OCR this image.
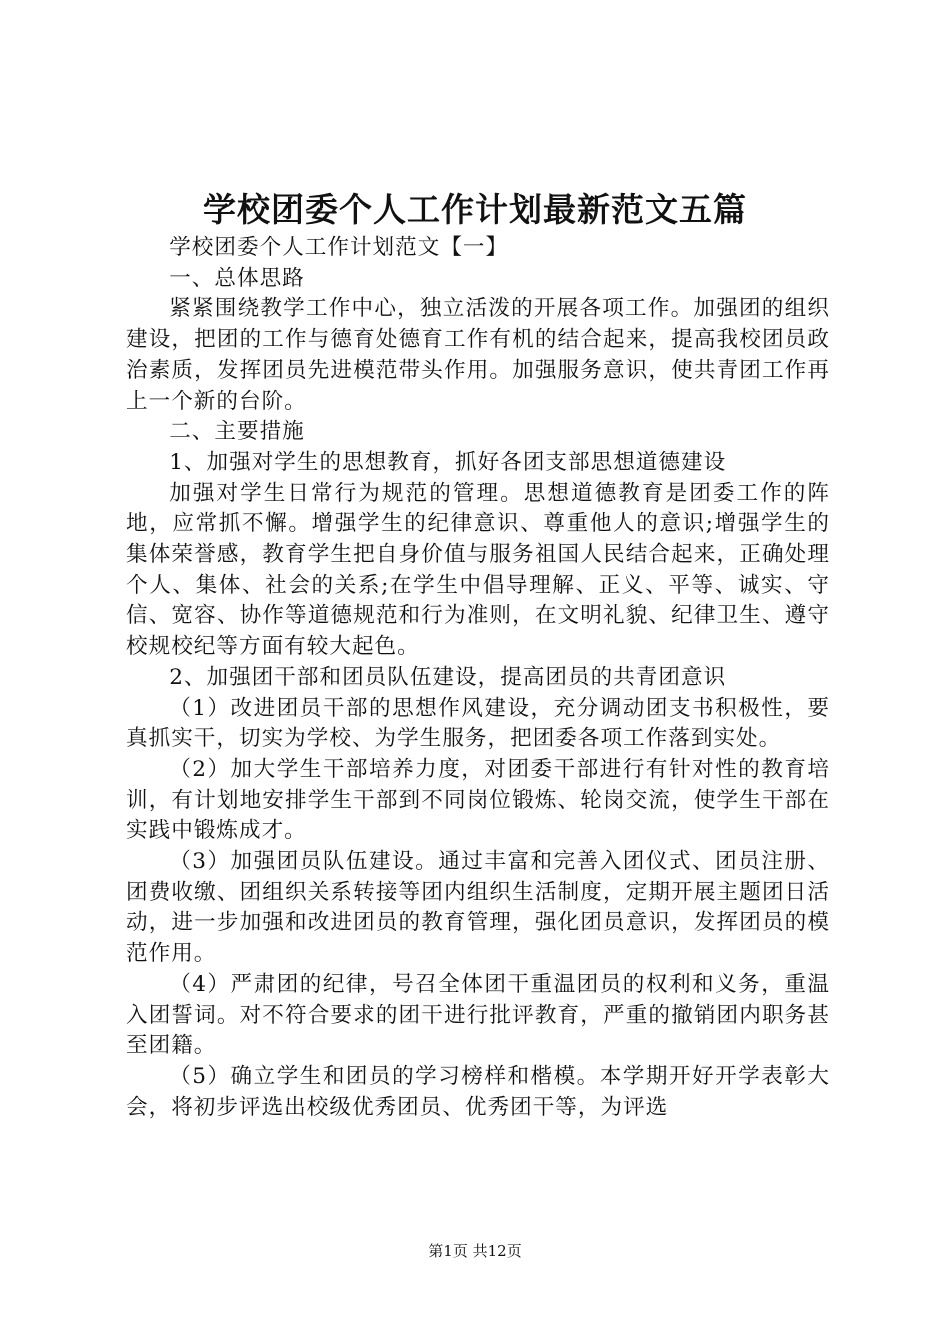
学校团委个人工作计划最新范文五篇

学校团委个人工作计划范文【一】

一、总体思路

紧紧围绕教学工作中心，独立活泼的开展各项工作。加强团的组织建设，把团的工作与德育处德育工作有机的结合起来，提高我校团员政治素质，发挥团员先进模范带头作用。加强服务意识，使共青团工作再上一个新的台阶。

二、主要措施

1、加强对学生的思想教育，抓好各团支部思想道德建设

加强对学生日常行为规范的管理。思想道德教育是团委工作的阵地，应常抓不懈。增强学生的纪律意识、尊重他人的意识;增强学生的集体荣誉感，教育学生把自身价值与服务祖国人民结合起来，正确处理个人、集体、社会的关系;在学生中倡导理解、正义、平等、诚实、守信、宽容、协作等道德规范和行为准则，在文明礼貌、纪律卫生、遵守校规校纪等方面有较大起色。

2、加强团干部和团员队伍建设，提高团员的共青团意识

（1）改进团员干部的思想作风建设，充分调动团支书积极性，要真抓实干，切实为学校、为学生服务，把团委各项工作落到实处。

（2）加大学生干部培养力度，对团委干部进行有针对性的教育培训，有计划地安排学生干部到不同岗位锻炼、轮岗交流，使学生干部在实践中锻炼成才。

（3）加强团员队伍建设。通过丰富和完善入团仪式、团员注册、团费收缴、团组织关系转接等团内组织生活制度，定期开展主题团日活动，进一步加强和改进团员的教育管理，强化团员意识，发挥团员的模范作用。

（4）严肃团的纪律，号召全体团干重温团员的权利和义务，重温入团誓词。对不符合要求的团干进行批评教育，严重的撤销团内职务甚至团籍。

（5）确立学生和团员的学习榜样和楷模。本学期开好开学表彰大会，将初步评选出校级优秀团员、优秀团干等，为评选

第1页 共12页
